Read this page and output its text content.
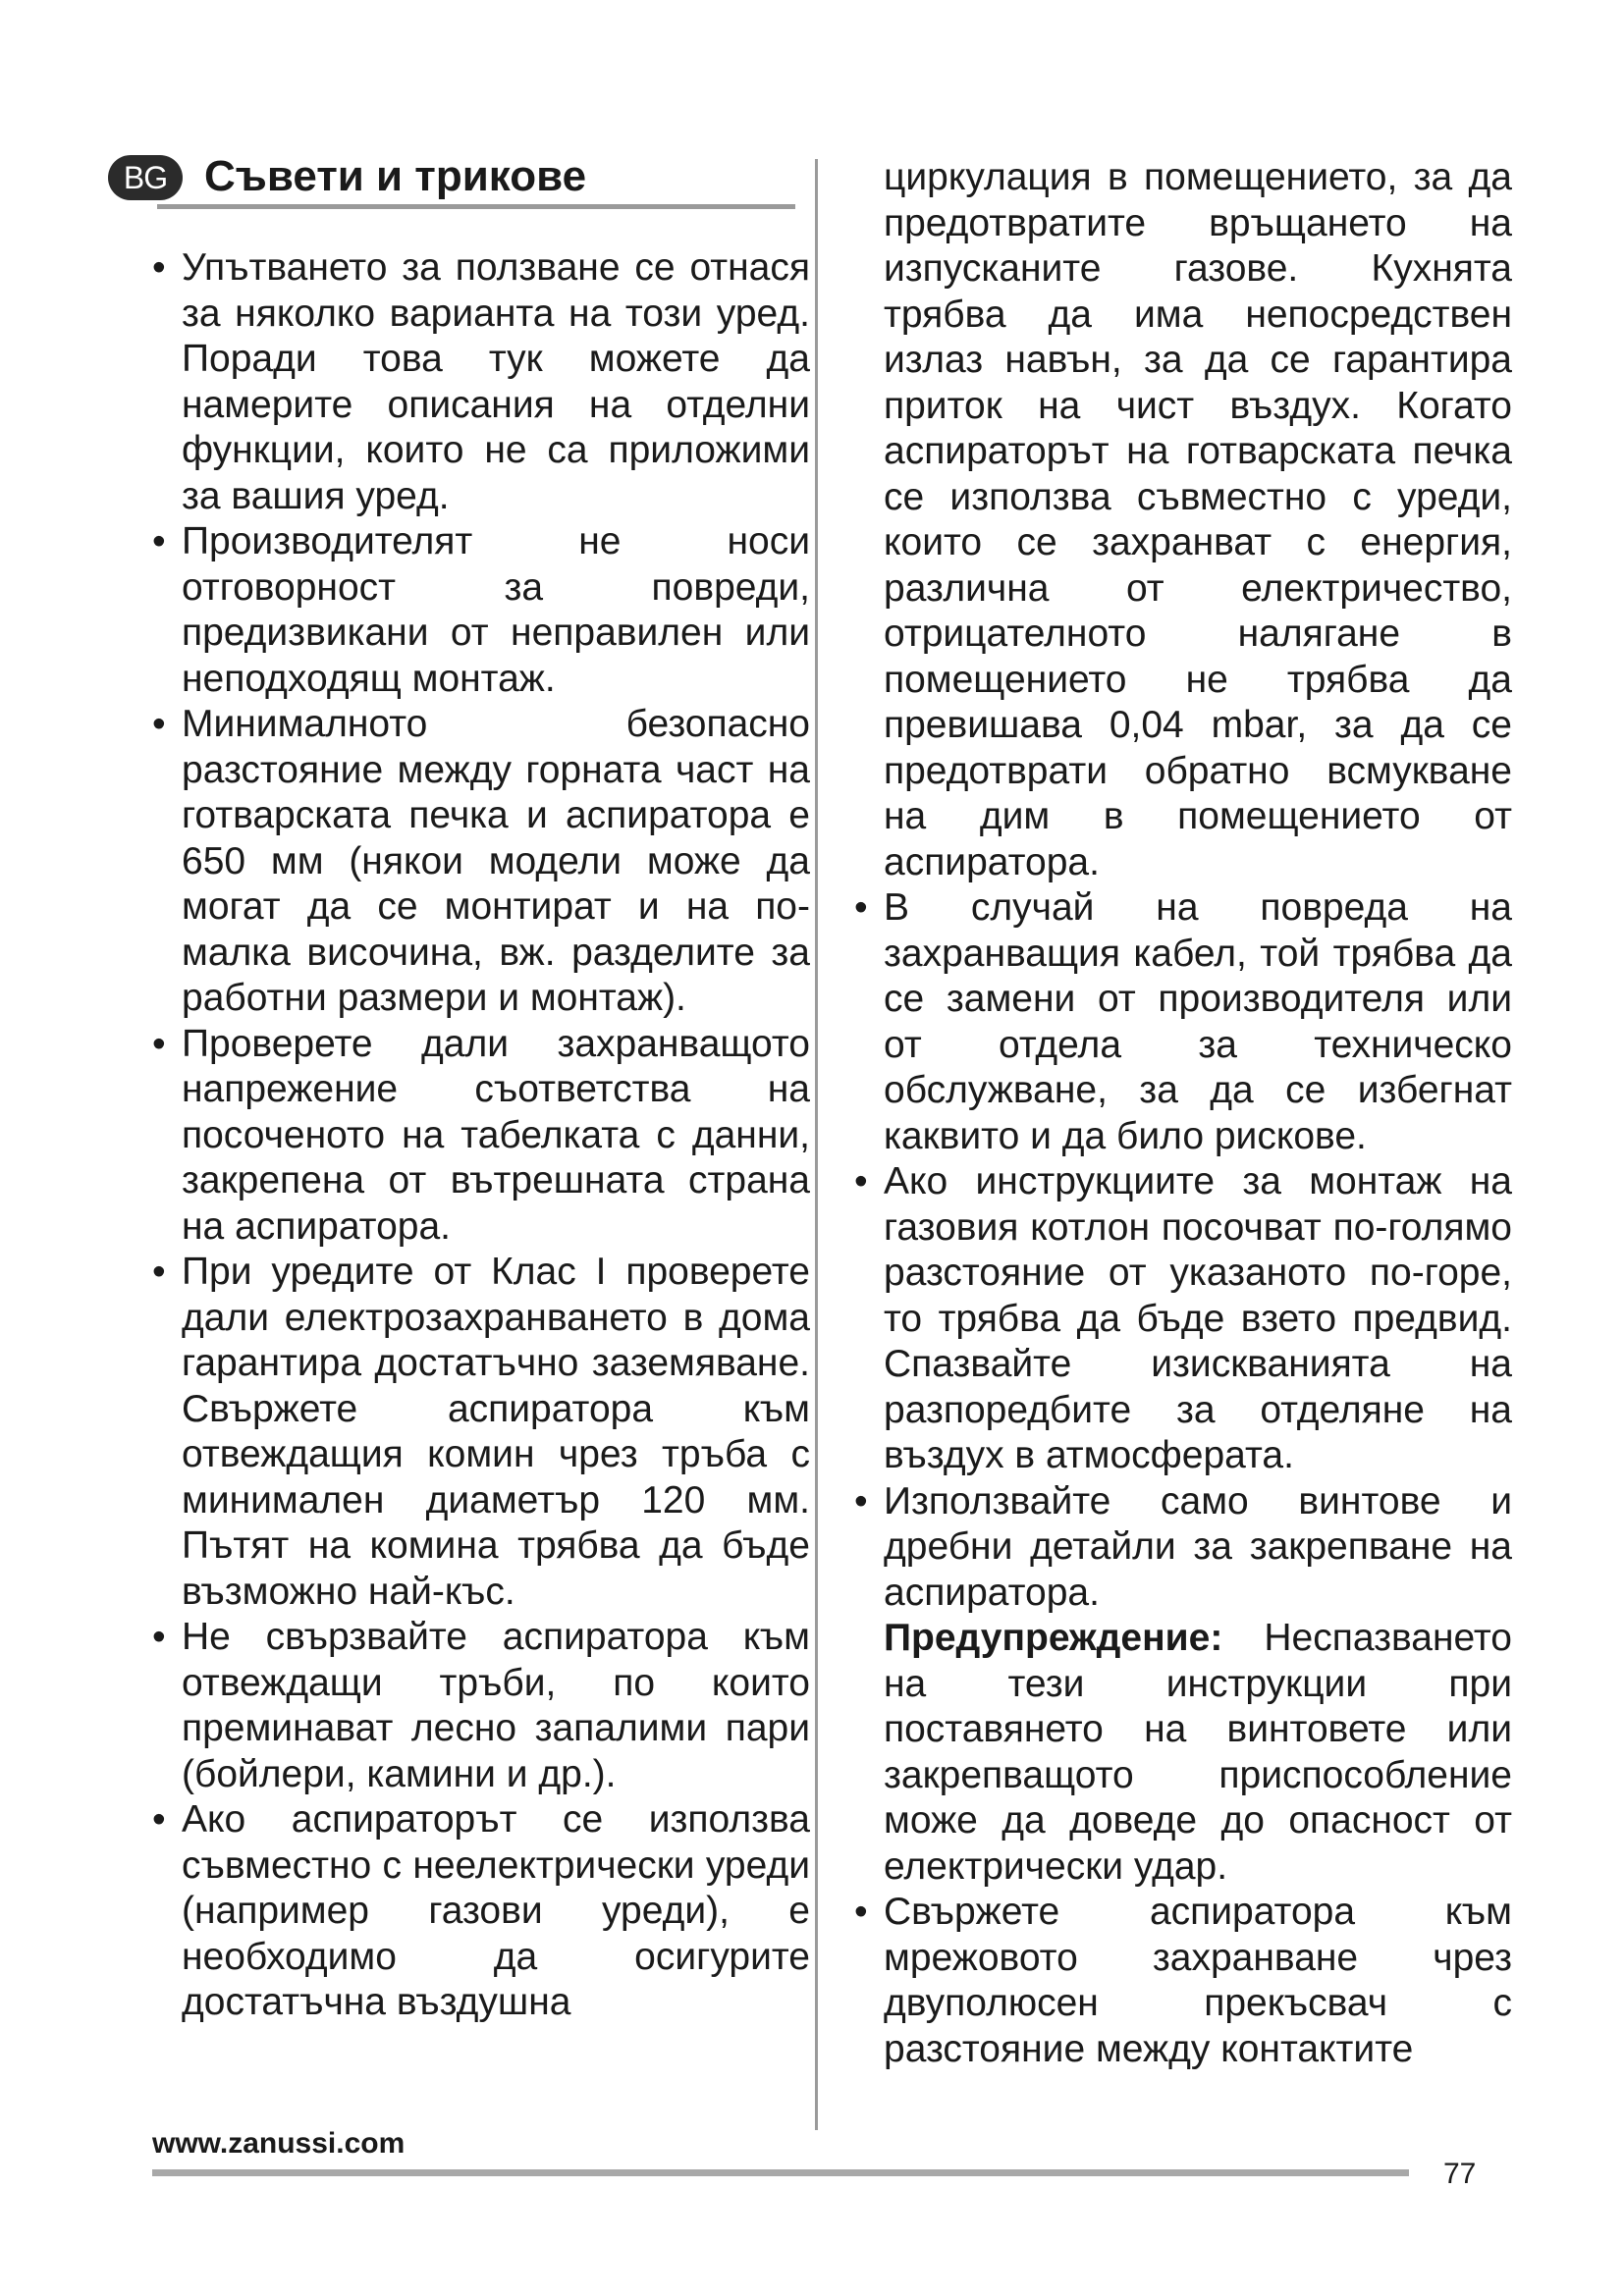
BG Съвети и трикове

• Упътването за ползване се отнася за няколко варианта на този уред. Поради това тук можете да намерите описания на отделни функции, които не са приложими за вашия уред.

• Производителят не носи отговорност за повреди, предизвикани от неправилен или неподходящ монтаж.

• Минималното безопасно разстояние между горната част на готварската печка и аспиратора е 650 мм (някои модели може да могат да се монтират и на по-малка височина, вж. разделите за работни размери и монтаж).

• Проверете дали захранващото напрежение съответства на посоченото на табелката с данни, закрепена от вътрешната страна на аспиратора.

• При уредите от Клас I проверете дали електрозахранването в дома гарантира достатъчно заземяване. Свържете аспиратора към отвеждащия комин чрез тръба с минимален диаметър 120 мм. Пътят на комина трябва да бъде възможно най-къс.

• Не свързвайте аспиратора към отвеждащи тръби, по които преминават лесно запалими пари (бойлери, камини и др.).

• Ако аспираторът се използва съвместно с неелектрически уреди (например газови уреди), е необходимо да осигурите достатъчна въздушна

циркулация в помещението, за да предотвратите връщането на изпусканите газове. Кухнята трябва да има непосредствен излаз навън, за да се гарантира приток на чист въздух. Когато аспираторът на готварската печка се използва съвместно с уреди, които се захранват с енергия, различна от електричество, отрицателното налягане в помещението не трябва да превишава 0,04 mbar, за да се предотврати обратно всмукване на дим в помещението от аспиратора.

• В случай на повреда на захранващия кабел, той трябва да се замени от производителя или от отдела за техническо обслужване, за да се избегнат каквито и да било рискове.

• Ако инструкциите за монтаж на газовия котлон посочват по-голямо разстояние от указаното по-горе, то трябва да бъде взето предвид. Спазвайте изискванията на разпоредбите за отделяне на въздух в атмосферата.

• Използвайте само винтове и дребни детайли за закрепване на аспиратора.

Предупреждение: Неспазването на тези инструкции при поставянето на винтовете или закрепващото приспособление може да доведе до опасност от електрически удар.

• Свържете аспиратора към мрежовото захранване чрез двуполюсен прекъсвач с разстояние между контактите

www.zanussi.com
77
